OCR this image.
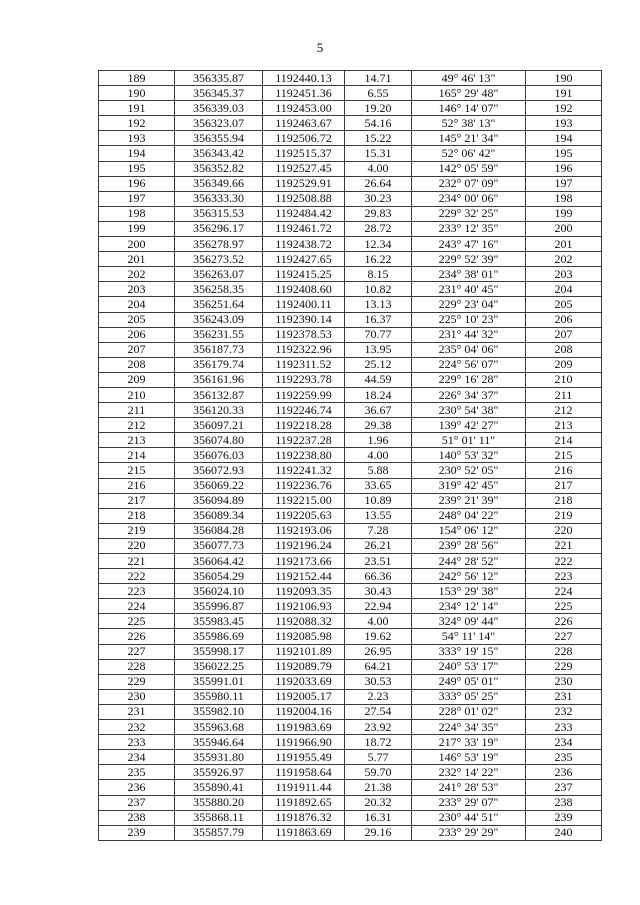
5
189	356335.87	1192440.13	14.71	49° 46' 13"	190
190	356345.37	1192451.36	6.55	165° 29' 48"	191
191	356339.03	1192453.00	19.20	146° 14' 07"	192
192	356323.07	1192463.67	54.16	52° 38' 13"	193
193	356355.94	1192506.72	15.22	145° 21' 34"	194
194	356343.42	1192515.37	15.31	52° 06' 42"	195
195	356352.82	1192527.45	4.00	142° 05' 59"	196
196	356349.66	1192529.91	26.64	232° 07' 09"	197
197	356333.30	1192508.88	30.23	234° 00' 06"	198
198	356315.53	1192484.42	29.83	229° 32' 25"	199
199	356296.17	1192461.72	28.72	233° 12' 35"	200
200	356278.97	1192438.72	12.34	243° 47' 16"	201
201	356273.52	1192427.65	16.22	229° 52' 39"	202
202	356263.07	1192415.25	8.15	234° 38' 01"	203
203	356258.35	1192408.60	10.82	231° 40' 45"	204
204	356251.64	1192400.11	13.13	229° 23' 04"	205
205	356243.09	1192390.14	16.37	225° 10' 23"	206
206	356231.55	1192378.53	70.77	231° 44' 32"	207
207	356187.73	1192322.96	13.95	235° 04' 06"	208
208	356179.74	1192311.52	25.12	224° 56' 07"	209
209	356161.96	1192293.78	44.59	229° 16' 28"	210
210	356132.87	1192259.99	18.24	226° 34' 37"	211
211	356120.33	1192246.74	36.67	230° 54' 38"	212
212	356097.21	1192218.28	29.38	139° 42' 27"	213
213	356074.80	1192237.28	1.96	51° 01' 11"	214
214	356076.03	1192238.80	4.00	140° 53' 32"	215
215	356072.93	1192241.32	5.88	230° 52' 05"	216
216	356069.22	1192236.76	33.65	319° 42' 45"	217
217	356094.89	1192215.00	10.89	239° 21' 39"	218
218	356089.34	1192205.63	13.55	248° 04' 22"	219
219	356084.28	1192193.06	7.28	154° 06' 12"	220
220	356077.73	1192196.24	26.21	239° 28' 56"	221
221	356064.42	1192173.66	23.51	244° 28' 52"	222
222	356054.29	1192152.44	66.36	242° 56' 12"	223
223	356024.10	1192093.35	30.43	153° 29' 38"	224
224	355996.87	1192106.93	22.94	234° 12' 14"	225
225	355983.45	1192088.32	4.00	324° 09' 44"	226
226	355986.69	1192085.98	19.62	54° 11' 14"	227
227	355998.17	1192101.89	26.95	333° 19' 15"	228
228	356022.25	1192089.79	64.21	240° 53' 17"	229
229	355991.01	1192033.69	30.53	249° 05' 01"	230
230	355980.11	1192005.17	2.23	333° 05' 25"	231
231	355982.10	1192004.16	27.54	228° 01' 02"	232
232	355963.68	1191983.69	23.92	224° 34' 35"	233
233	355946.64	1191966.90	18.72	217° 33' 19"	234
234	355931.80	1191955.49	5.77	146° 53' 19"	235
235	355926.97	1191958.64	59.70	232° 14' 22"	236
236	355890.41	1191911.44	21.38	241° 28' 53"	237
237	355880.20	1191892.65	20.32	233° 29' 07"	238
238	355868.11	1191876.32	16.31	230° 44' 51"	239
239	355857.79	1191863.69	29.16	233° 29' 29"	240
